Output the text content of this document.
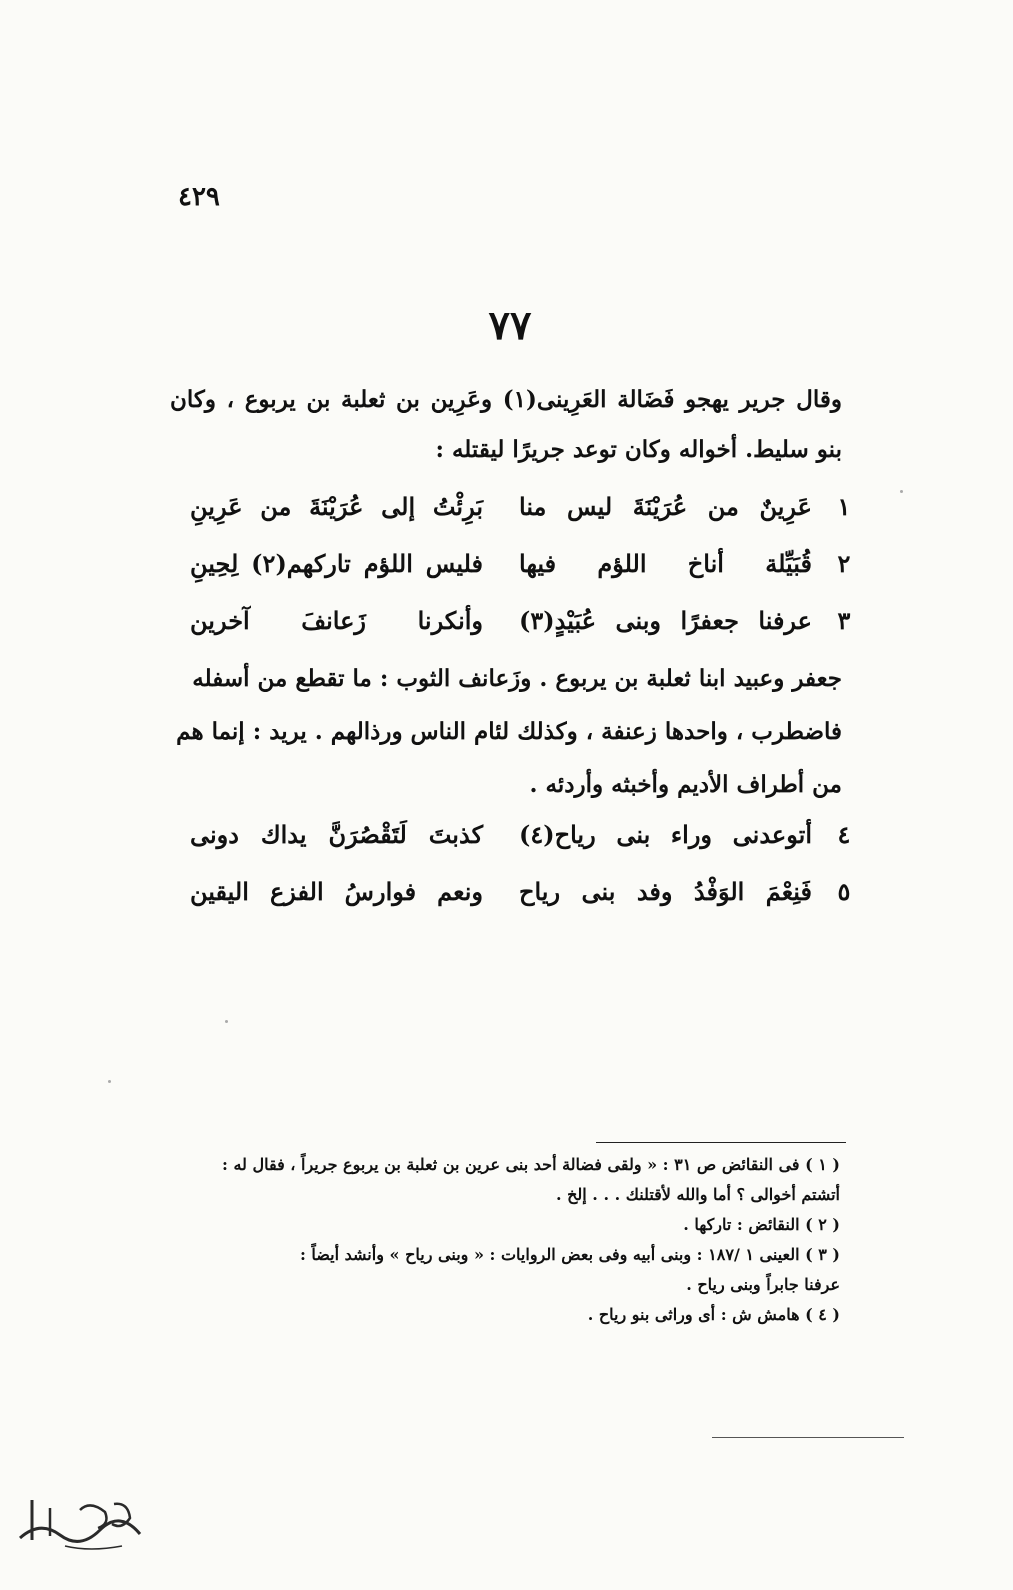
٤٢٩
٧٧
وقال جرير يهجو فَضَالة العَرِينى(١) وعَرِين بن ثعلبة بن يربوع ، وكان بنو سليط. أخواله وكان توعد جريرًا ليقتله :
١
عَرِينٌ من عُرَيْنَةَ ليس منا
بَرِئْتُ إلى عُرَيْنَةَ من عَرِينِ
٢
قُبَيِّلة أناخ اللؤم فيها
فليس اللؤم تاركهم(٢) لِحِينِ
٣
عرفنا جعفرًا وبنى عُبَيْدٍ(٣)
وأنكرنا زَعانفَ آخرين

جعفر وعبيد ابنا ثعلبة بن يربوع . وزَعانف الثوب : ما تقطع من أسفله

فاضطرب ، واحدها زعنفة ، وكذلك لئام الناس ورذالهم . يريد : إنما هم

من أطراف الأديم وأخبثه وأردئه .

٤
أتوعدنى وراء بنى رياح(٤)
كذبتَ لَتَقْصُرَنَّ يداك دونى
٥
فَنِعْمَ الوَفْدُ وفد بنى رياح
ونعم فوارسُ الفزع اليقين

( ١ ) فى النقائض ص ٣١ : « ولقى فضالة أحد بنى عرين بن ثعلبة بن يربوع جريراً ، فقال له :

أتشتم أخوالى ؟ أما والله لأقتلنك . . . إلخ .

( ٢ ) النقائض : تاركها .

( ٣ ) العينى ١ /١٨٧ : وبنى أبيه وفى بعض الروايات : « وبنى رياح » وأنشد أيضاً :

عرفنا جابراً وبنى رياح .

( ٤ ) هامش ش : أى وراثى بنو رياح .
